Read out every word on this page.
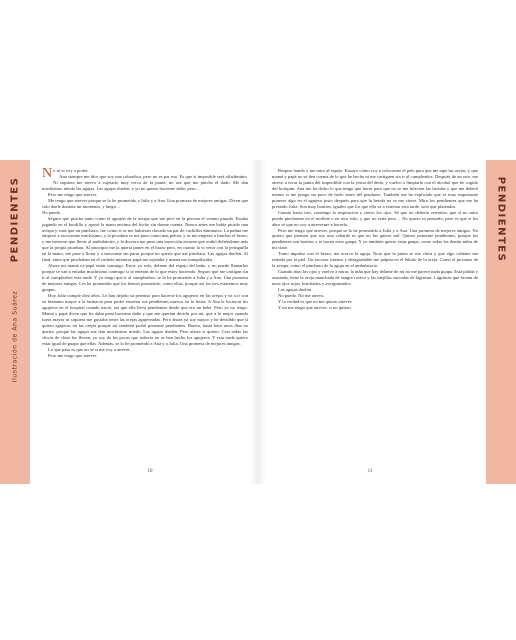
PENDIENTES
Ilustración de Ana Suárez
PENDIENTES

No sé si voy a poder.

Ana siempre me dice que soy una cobardica, pero no es por eso. Es que si imposible será alfadiminto. Ni siquiera me atrevo a sujetarlo muy cerca de la punta, no sea que me pinche el dado. Me dan muchísimo miedo las agujas. Las agujas duelen, y yo no quiero hacerme daño, pero…

Pero me tengo que atrever.

Me tengo que atrever porque se lo he prometido a Julia y a Ana. Una promesa de mejores amigas. Dicen que solo duele durante un momento, y luego…

No puedo.

Seguro que pincha tanto como el aguijón de la avispa que me picó en la piscina el verano pasado. Estaba jugando en el bordillo y apoyé la mano encima del bicho sin darme cuenta. Nunca antes me había picado una avispa y, más que un pinchazo, fue como si se me hubieran clavado un par de cuchillos diminutos. La palma me empezó a ascocerme muchísimo, y la picadura se me puso como una pelota, y se me empezó a hinchar el brazo, y me tuvieron que llevar al ambulatorio, y la doctora me puso una inyección enorme que acabó doliéndome más que la propia picadura. Al principio me la quería poner en el brazo pero, en cuanto la vi venir con la jeringuilla en la mano, me puse a llorar y a moverme sin parar porque no quería que me pinchara. Las agujas duelen. Al final, entre que pinchaban en el cachete mientras papá me sujetaba y mamá me tranquilizaba.

Ahora mi mamá ni papá están conmigo. Estoy yo sola, delante del espejo del baño, y no puedo llamarlos porque se van a enfadar muchísimo conmigo si se enteran de lo que estoy haciendo. Seguro que me castigan sin ir al cumpleaños esta tarde. Y yo tengo que ir al cumpleaños, se lo he prometido a Julia y a Ana. Una promesa de mejores amigas. Les he prometido que los hemos prometido, como ellas, porque así las tres estaremos muy guapas.

Hoy Julia cumple diez años. Le han dejado su permiso para hacerse los agujeros en las orejas y va a ir con su hermano mayor a la farmacia para poder estrenar sus pendientes nuevos en la fiesta. A Ana le hicieron los agujeros en el hospital cuando nació, así que ella lleva pendientes desde que era un bebé. Pero yo no tengo. Mamá y papá dicen que les daba pena hacerme daño y que me querían decidir por mí, que a lo mejor cuando fuera mayor ni siquiera me gustaba tener las orejas agujereadas. Pero ahora ya soy mayor y he decidido que sí quiero agujeros en las orejas porque así también podré ponerme pendientes. Bueno, hasta hace unos días no quería, porque las agujas me dan muchísimo miedo. Las agujas duelen. Pero ahora sí quiero. Casi todas las chicas de clase los llevan, yo soy de las pocas que todavía no se han hecho los agujeros. Y esta tarde quiero estar igual de guapa que ellas. Además, se lo he prometido a Ana y a Julia. Una promesa de mejores amigas.

Lo que pasa es que no sé si me voy a atrever.

Pero me tengo que atrever.

Respiro hondo y me miro al espejo. Ensayo cómo voy a colocarme el pelo para que me tape las orejas, y que mamá y papá no se den cuenta de lo que he hecho ni me castiguen sin ir al cumpleaños. Después de un rato, me atrevo a tocar la punta del imperdible con la yema del dedo, y vuelvo a limpiarla con el alcohol que he cogido del botiquín. Ana me ha dicho lo que tengo que hacer para que no se me infecten las heridas y que me deberé menos si me pongo un poco de hielo antes del pinchazo. También me ha explicado que es muy importante ponerse algo en el agujero justo después para que la herida no se me cierre. Miro los pendientes que me ha prestado Julia. Son muy bonitos, iguales que los que ella va a estrenar esta tarde, solo que plateados.

Cuento hasta tres, contengo la respiración y cierro los ojos. Sé que no debería cerrarlos, que si no miro puedo pincharme en el moflete o en otro sitio, y que no sería peor… No quiero ni pensarlo, pero es que si los abro sé que no voy a atreverme a hacerlo.

Pero me tengo que atrever, porque se lo he prometido a Julia y a Ana. Una promesa de mejores amigas. No quiero que piensen que soy una cobarde ni que no las quiero mil. Quiero ponerme pendientes, porque los pendientes son bonitos y te hacen estar guapa. Y yo también quiero estar guapa, como todas las demás niñas de mi clase.

Tomo impulso con el brazo, me acerco la aguja. Noto que la punta se me clava y que algo caliente me resbala por la piel. Un escozor intenso y desagradable me palpita en el lóbulo de la oreja. Como el picotazo de la avispa, como el pinchazo de la aguja en el ambulatorio.

Cuando abro los ojos y vuelvo a mirar, la niña que hay delante de mí no me parece nada guapa. Está pálida y asustada, tiene la oreja manchada de sangre roseca y las mejillas surcadas de lágrimas. Lágrimas que brotan de unos ojos rojos, hinchados y avergonzados.

Las agujas duelen.

No puedo. No me atrevo.

Y la verdad es que no me quiero atrever.

Y no me tengo que atrever, si no quiero.

10	11
